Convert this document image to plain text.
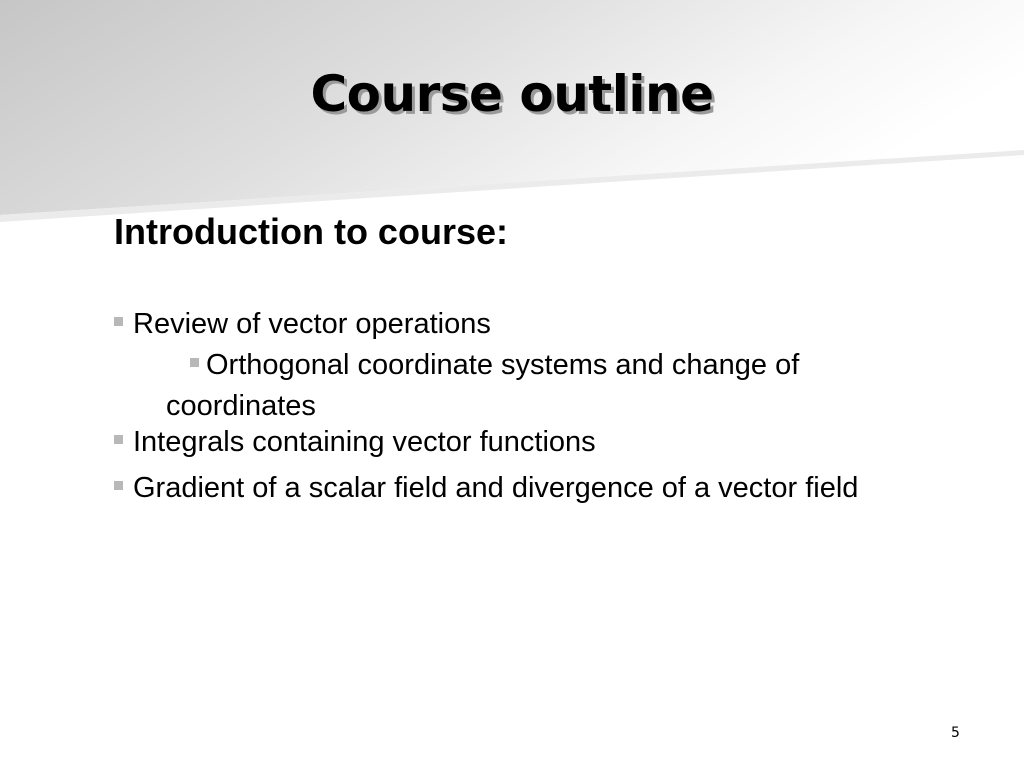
Course outline
Introduction to course:
Review of vector operations
Orthogonal coordinate systems and change of
coordinates
Integrals containing vector functions
Gradient of a scalar field and divergence of a vector field
5
